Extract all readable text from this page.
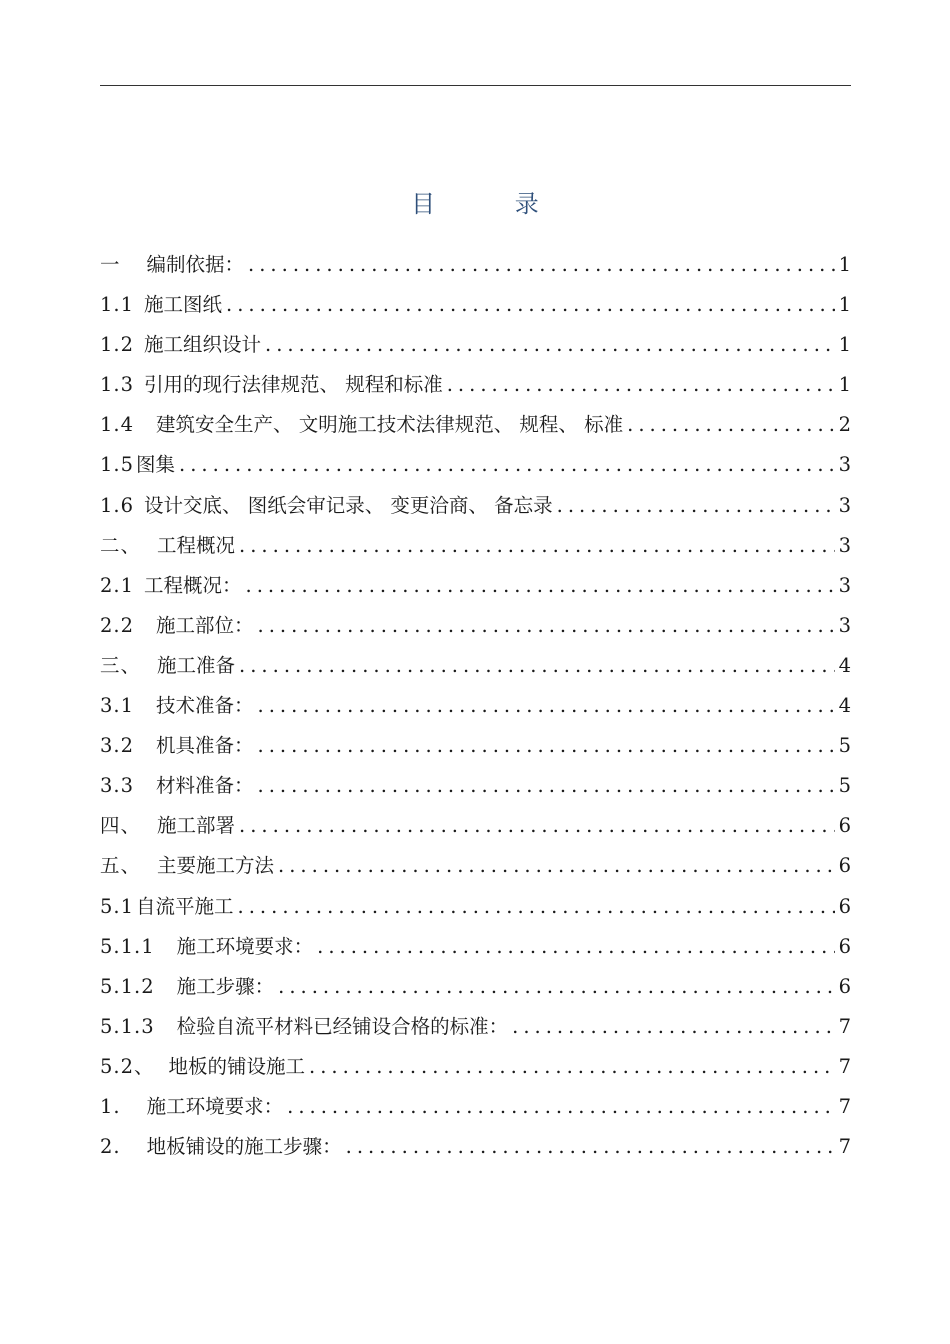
目 录
一 编制依据： .....	1
1.1 施工图纸 .....	1
1.2 施工组织设计 .....	1
1.3 引用的现行法律规范、 规程和标准 .....	1
1.4 建筑安全生产、 文明施工技术法律规范、 规程、 标准 .....	2
1.5 图集 .....	3
1.6 设计交底、 图纸会审记录、 变更洽商、 备忘录 .....	3
二、 工程概况 .....	3
2.1 工程概况： .....	3
2.2 施工部位： .....	3
三、 施工准备 .....	4
3.1 技术准备： .....	4
3.2 机具准备： .....	5
3.3 材料准备： .....	5
四、 施工部署 .....	6
五、 主要施工方法 .....	6
5.1 自流平施工 .....	6
5.1.1 施工环境要求： .....	6
5.1.2 施工步骤： .....	6
5.1.3 检验自流平材料已经铺设合格的标准： .....	7
5.2、 地板的铺设施工 .....	7
1. 施工环境要求： .....	7
2. 地板铺设的施工步骤： .....	7
